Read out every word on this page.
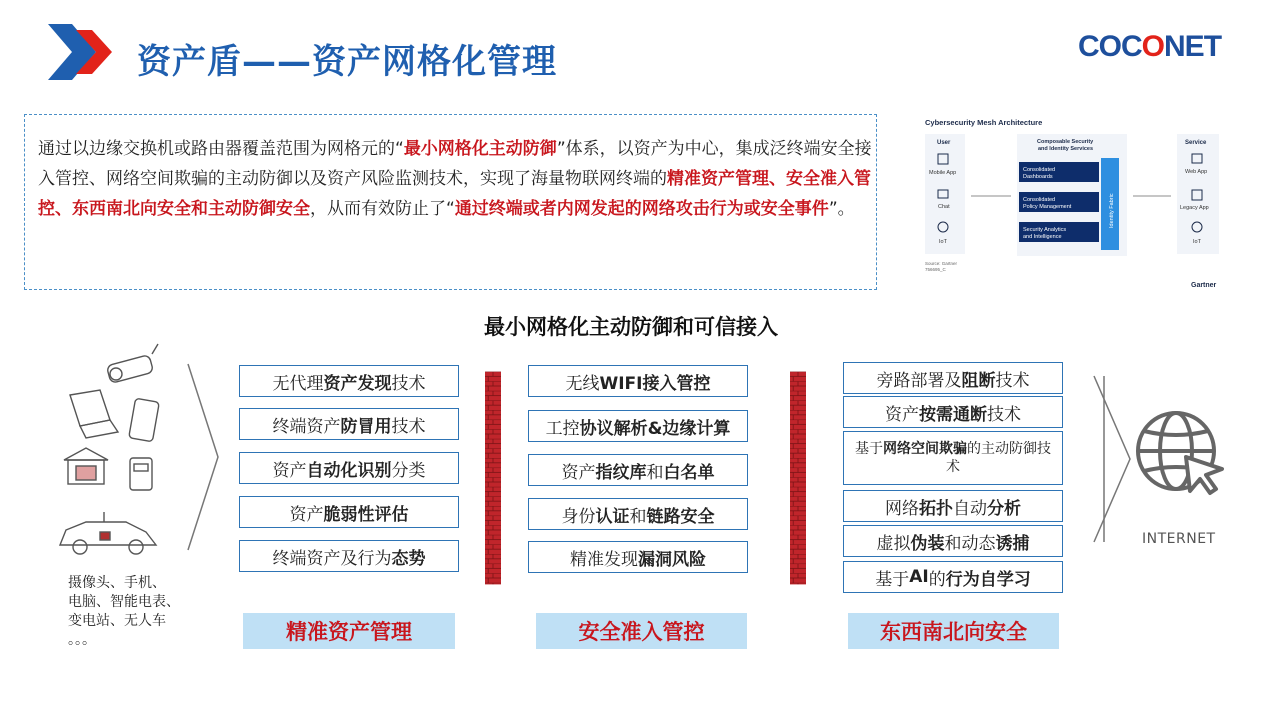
资产盾——资产网格化管理	COCONET
通过以边缘交换机或路由器覆盖范围为网格元的“最小网格化主动防御”体系，以资产为中心，集成泛终端安全接入管控、网络空间欺骗的主动防御以及资产风险监测技术，实现了海量物联网终端的精准资产管理、安全准入管控、东西南北向安全和主动防御安全，从而有效防止了“通过终端或者内网发起的网络攻击行为或安全事件”。
Cybersecurity Mesh Architecture
User
Mobile App
Chat
IoT
Composable Security
and Identity Services
Consolidated
Dashboards
Consolidated
Policy Management
Security Analytics
and Intelligence
Identity Fabric
Service
Web App
Legacy App
IoT
Source: Gartner
756695_C
Gartner
最小网格化主动防御和可信接入
摄像头、手机、
电脑、智能电表、
变电站、无人车
。。。
无代理 资产发现 技术
终端资产 防冒用 技术
资产 自动化识别 分类
资产 脆弱性评估
终端资产及行为 态势
无线 WIFI接入管控
工控 协议解析&边缘计算
资产 指纹库 和 白名单
身份 认证 和 链路安全
精准发现 漏洞风险
旁路部署及 阻断 技术
资产 按需通断 技术
基于网络空间欺骗的主动防御技术
网络 拓扑 自动 分析
虚拟 伪装 和动态 诱捕
基于 AI 的 行为自学习
精准资产管理	安全准入管控	东西南北向安全
INTERNET
